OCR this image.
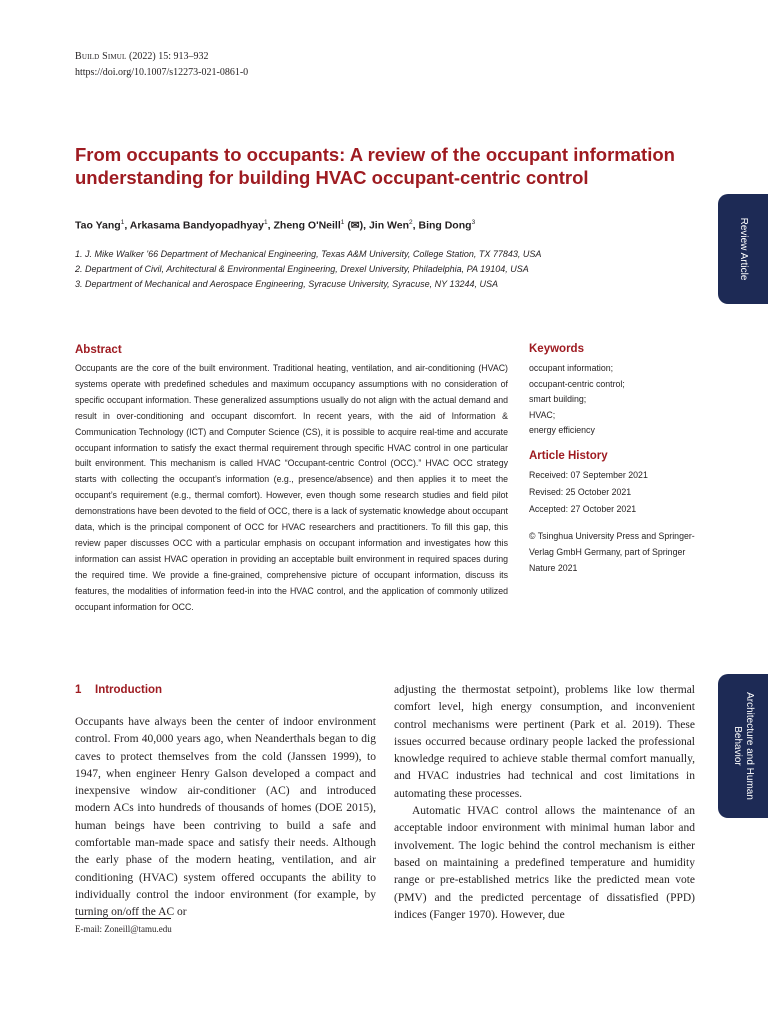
Build Simul (2022) 15: 913–932
https://doi.org/10.1007/s12273-021-0861-0
From occupants to occupants: A review of the occupant information understanding for building HVAC occupant-centric control
Tao Yang$^1$, Arkasama Bandyopadhyay$^1$, Zheng O'Neill$^1$ (✉), Jin Wen$^2$, Bing Dong$^3$
1. J. Mike Walker '66 Department of Mechanical Engineering, Texas A&M University, College Station, TX 77843, USA
2. Department of Civil, Architectural & Environmental Engineering, Drexel University, Philadelphia, PA 19104, USA
3. Department of Mechanical and Aerospace Engineering, Syracuse University, Syracuse, NY 13244, USA
Review Article
Architecture and Human Behavior
Abstract
Occupants are the core of the built environment. Traditional heating, ventilation, and air-conditioning (HVAC) systems operate with predefined schedules and maximum occupancy assumptions with no consideration of specific occupant information. These generalized assumptions usually do not align with the actual demand and result in over-conditioning and occupant discomfort. In recent years, with the aid of Information & Communication Technology (ICT) and Computer Science (CS), it is possible to acquire real-time and accurate occupant information to satisfy the exact thermal requirement through specific HVAC control in one particular built environment. This mechanism is called HVAC “Occupant-centric Control (OCC).” HVAC OCC strategy starts with collecting the occupant’s information (e.g., presence/absence) and then applies it to meet the occupant’s requirement (e.g., thermal comfort). However, even though some research studies and field pilot demonstrations have been devoted to the field of OCC, there is a lack of systematic knowledge about occupant data, which is the principal component of OCC for HVAC researchers and practitioners. To fill this gap, this review paper discusses OCC with a particular emphasis on occupant information and investigates how this information can assist HVAC operation in providing an acceptable built environment in required spaces during the required time. We provide a fine-grained, comprehensive picture of occupant information, discuss its features, the modalities of information feed-in into the HVAC control, and the application of commonly utilized occupant information for OCC.
Keywords
occupant information;
occupant-centric control;
smart building;
HVAC;
energy efficiency
Article History
Received: 07 September 2021
Revised: 25 October 2021
Accepted: 27 October 2021
© Tsinghua University Press and Springer-Verlag GmbH Germany, part of Springer Nature 2021
1 Introduction

Occupants have always been the center of indoor environment control. From 40,000 years ago, when Neanderthals began to dig caves to protect themselves from the cold (Janssen 1999), to 1947, when engineer Henry Galson developed a compact and inexpensive window air-conditioner (AC) and introduced modern ACs into hundreds of thousands of homes (DOE 2015), human beings have been contriving to build a safe and comfortable man-made space and satisfy their needs. Although the early phase of the modern heating, ventilation, and air conditioning (HVAC) system offered occupants the ability to individually control the indoor environment (for example, by turning on/off the AC or

adjusting the thermostat setpoint), problems like low thermal comfort level, high energy consumption, and inconvenient control mechanisms were pertinent (Park et al. 2019). These issues occurred because ordinary people lacked the professional knowledge required to achieve stable thermal comfort manually, and HVAC industries had technical and cost limitations in automating these processes.

Automatic HVAC control allows the maintenance of an acceptable indoor environment with minimal human labor and involvement. The logic behind the control mechanism is either based on maintaining a predefined temperature and humidity range or pre-established metrics like the predicted mean vote (PMV) and the predicted percentage of dissatisfied (PPD) indices (Fanger 1970). However, due

E-mail: Zoneill@tamu.edu
